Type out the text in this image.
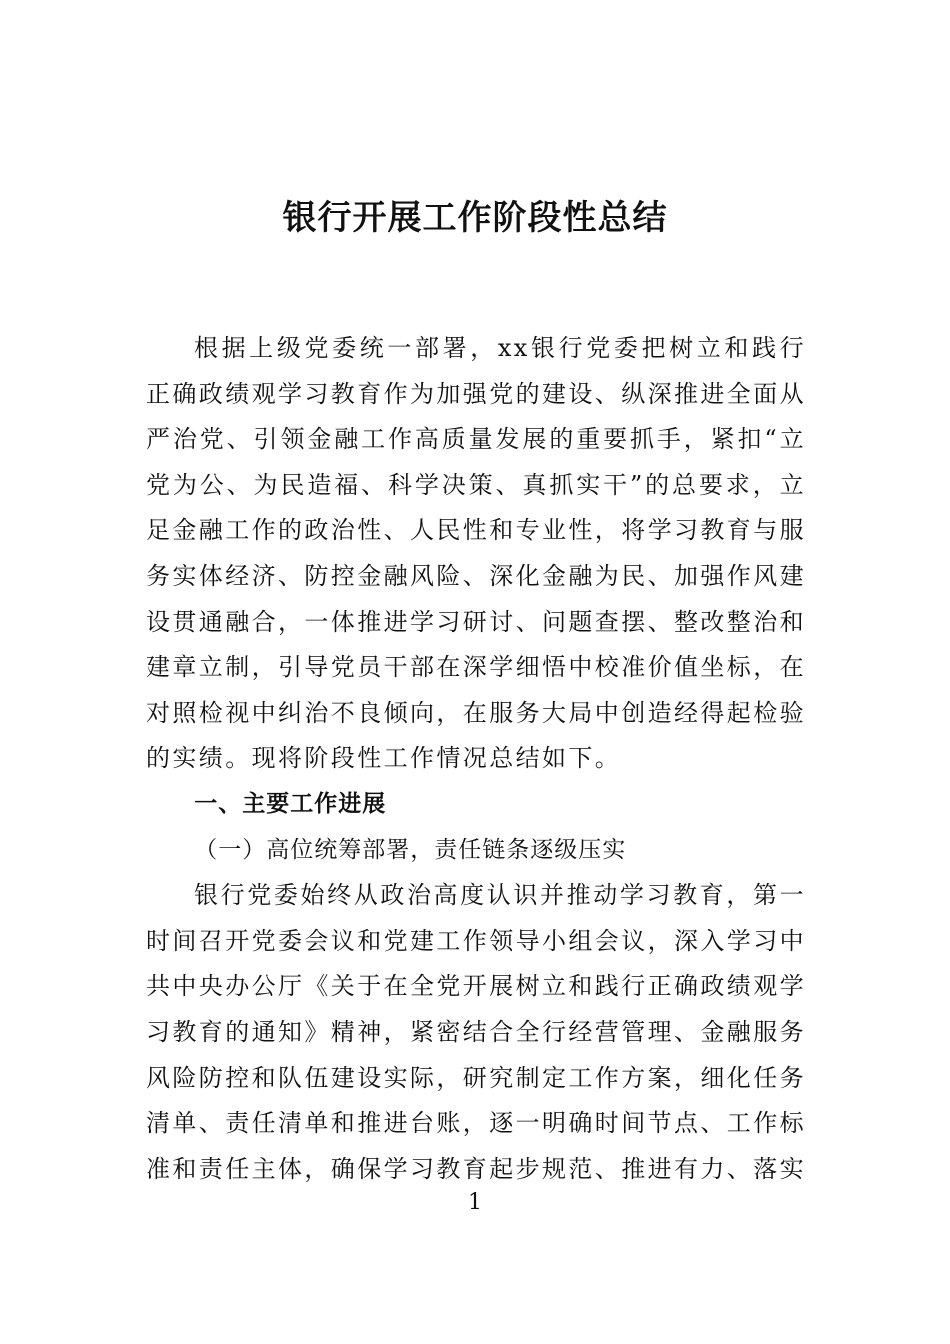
银行开展工作阶段性总结

根据上级党委统一部署，xx银行党委把树立和践行正确政绩观学习教育作为加强党的建设、纵深推进全面从严治党、引领金融工作高质量发展的重要抓手，紧扣“立党为公、为民造福、科学决策、真抓实干”的总要求，立足金融工作的政治性、人民性和专业性，将学习教育与服务实体经济、防控金融风险、深化金融为民、加强作风建设贯通融合，一体推进学习研讨、问题查摆、整改整治和建章立制，引导党员干部在深学细悟中校准价值坐标，在对照检视中纠治不良倾向，在服务大局中创造经得起检验的实绩。现将阶段性工作情况总结如下。

一、主要工作进展

（一）高位统筹部署，责任链条逐级压实

银行党委始终从政治高度认识并推动学习教育，第一时间召开党委会议和党建工作领导小组会议，深入学习中共中央办公厅《关于在全党开展树立和践行正确政绩观学习教育的通知》精神，紧密结合全行经营管理、金融服务风险防控和队伍建设实际，研究制定工作方案，细化任务清单、责任清单和推进台账，逐一明确时间节点、工作标准和责任主体，确保学习教育起步规范、推进有力、落实

1
